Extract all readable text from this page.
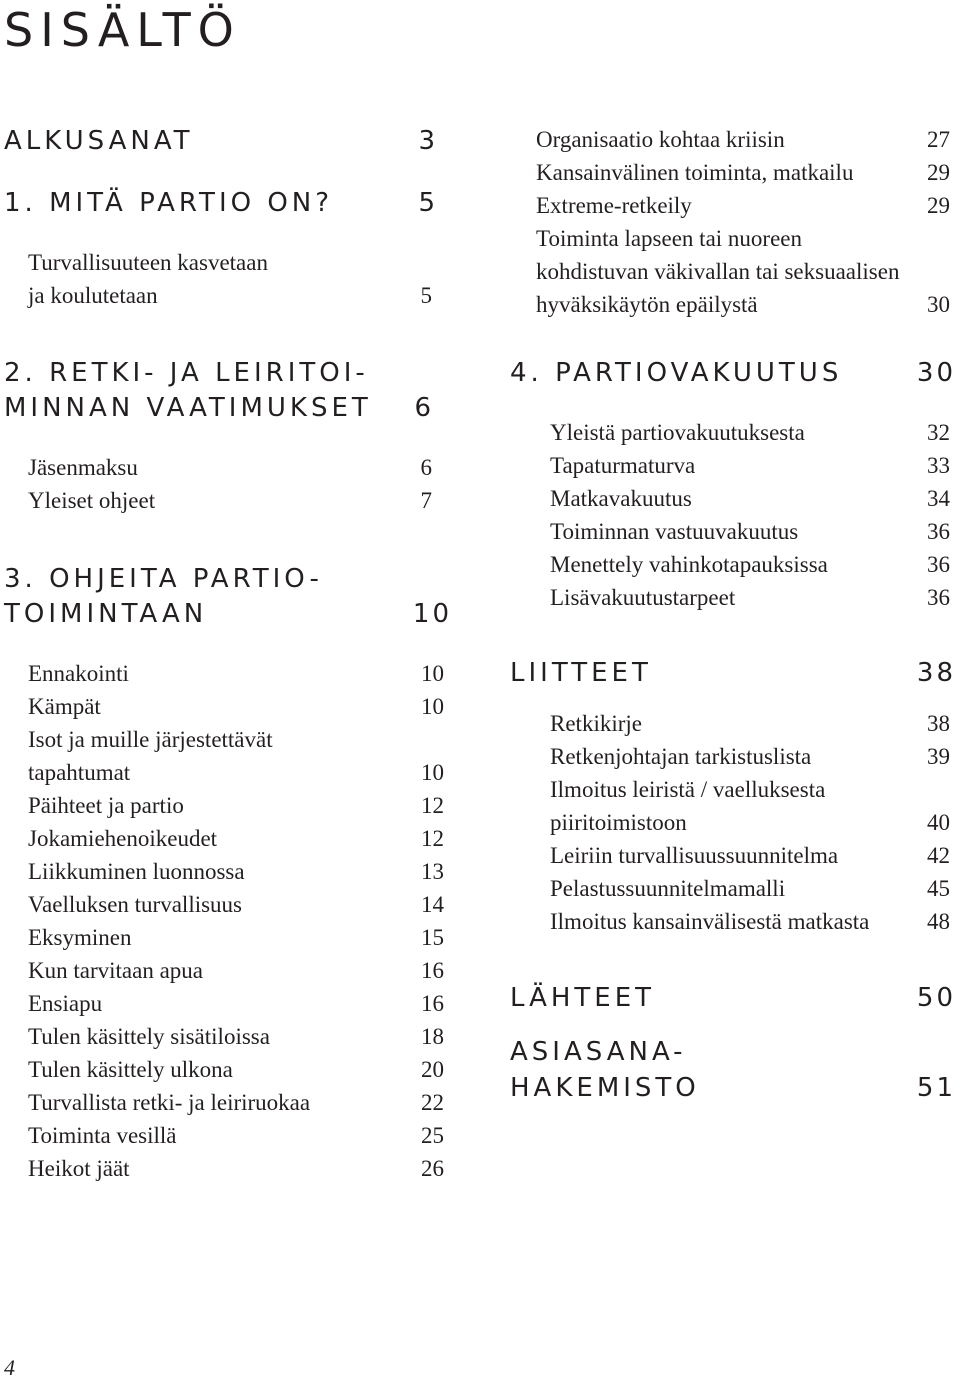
SISÄLTÖ
ALKUSANAT	3
1. MITÄ PARTIO ON?	5
Turvallisuuteen kasvetaan
ja koulutetaan	5
2. RETKI- JA LEIRITOI-
MINNAN VAATIMUKSET	6
Jäsenmaksu	6
Yleiset ohjeet	7
3. OHJEITA PARTIO-
TOIMINTAAN	10
Ennakointi	10
Kämpät	10
Isot ja muille järjestettävät
tapahtumat	10
Päihteet ja partio	12
Jokamiehenoikeudet	12
Liikkuminen luonnossa	13
Vaelluksen turvallisuus	14
Eksyminen	15
Kun tarvitaan apua	16
Ensiapu	16
Tulen käsittely sisätiloissa	18
Tulen käsittely ulkona	20
Turvallista retki- ja leiriruokaa	22
Toiminta vesillä	25
Heikot jäät	26
Organisaatio kohtaa kriisin	27
Kansainvälinen toiminta, matkailu	29
Extreme-retkeily	29
Toiminta lapseen tai nuoreen
kohdistuvan väkivallan tai seksuaalisen
hyväksikäytön epäilystä	30
4. PARTIOVAKUUTUS	30
Yleistä partiovakuutuksesta	32
Tapaturmaturva	33
Matkavakuutus	34
Toiminnan vastuuvakuutus	36
Menettely vahinkotapauksissa	36
Lisävakuutustarpeet	36
LIITTEET	38
Retkikirje	38
Retkenjohtajan tarkistuslista	39
Ilmoitus leiristä / vaelluksesta
piiritoimistoon	40
Leiriin turvallisuussuunnitelma	42
Pelastussuunnitelmamalli	45
Ilmoitus kansainvälisestä matkasta	48
LÄHTEET	50
ASIASANA-
HAKEMISTO	51
4
